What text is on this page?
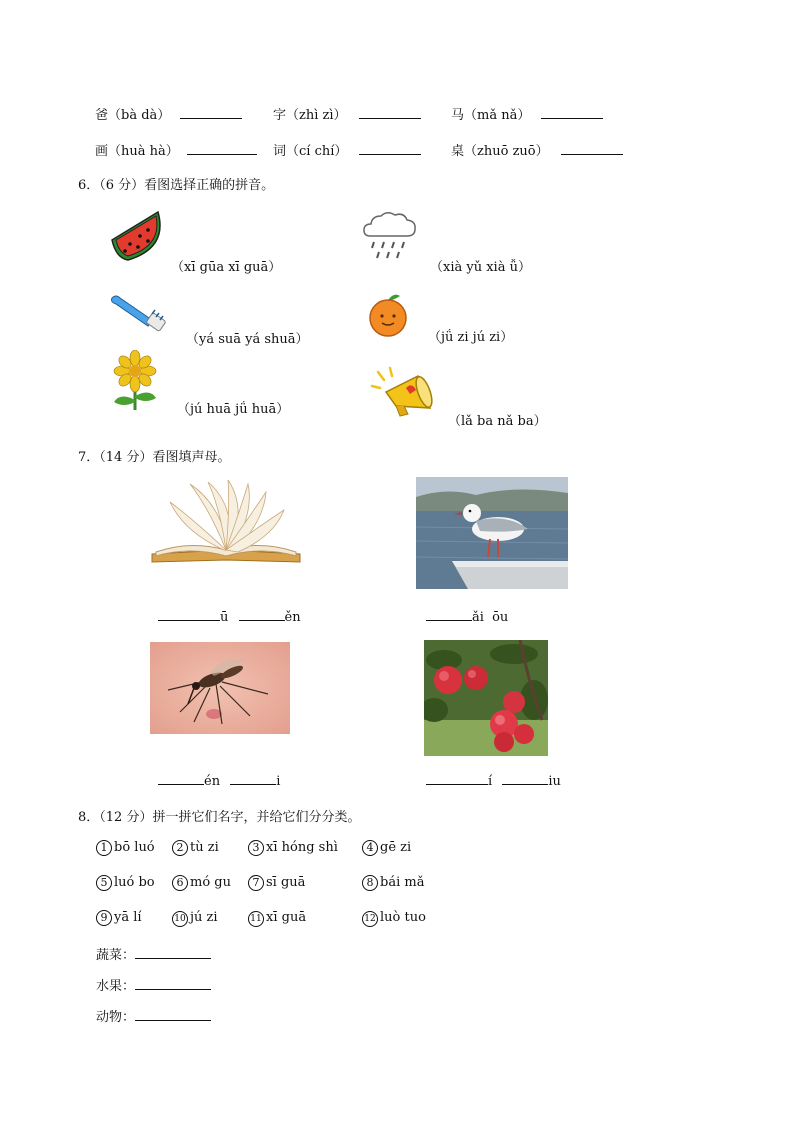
爸（bà dà）	字（zhì zì）	马（mǎ nǎ）
画（huà hà）	词（cí chí）	桌（zhuō zuō）
6．（6 分）看图选择正确的拼音。
（xī gūa xī guā）	（xià yǔ xià ǚ）
（yá suā yá shuā）	（jǘ zi jú zi）
（jú huā jǘ huā）
（lǎ ba nǎ ba）
7．（14 分）看图填声母。
ū	ěn	ǎi ōu
én	i	í	iu
8．（12 分）拼一拼它们名字，并给它们分分类。
1 bō luó	2 tù zi	3 xī hóng shì	4 gē zi
5 luó bo	6 mó gu	7 sī guā	8 bái mǎ
9 yā lí	10 jú zi	11 xī guā	12 luò tuo
蔬菜：
水果：
动物：
